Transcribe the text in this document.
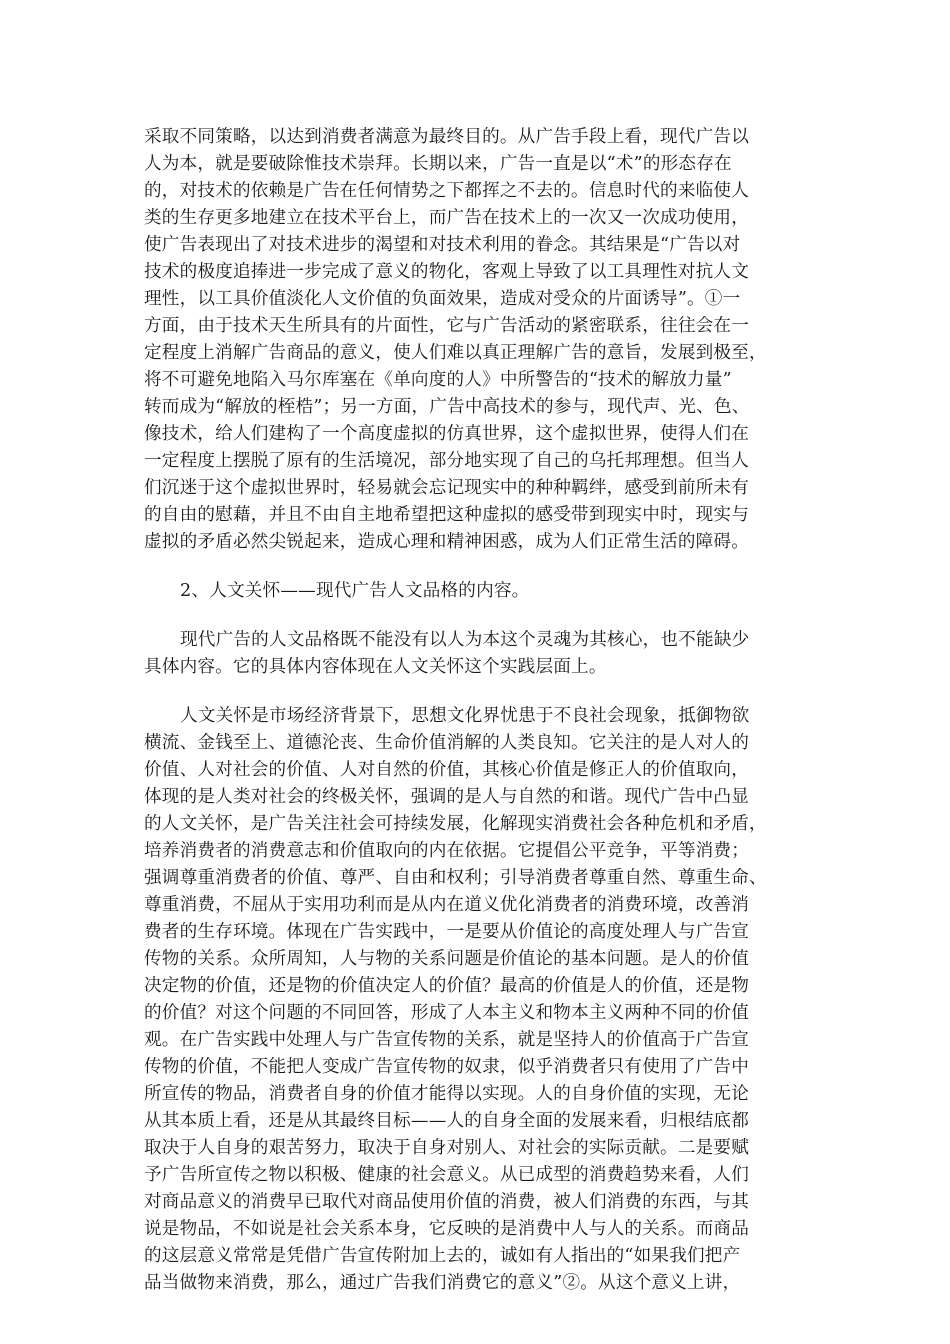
采取不同策略，以达到消费者满意为最终目的。从广告手段上看，现代广告以
人为本，就是要破除惟技术崇拜。长期以来，广告一直是以“术”的形态存在
的，对技术的依赖是广告在任何情势之下都挥之不去的。信息时代的来临使人
类的生存更多地建立在技术平台上，而广告在技术上的一次又一次成功使用，
使广告表现出了对技术进步的渴望和对技术利用的眷念。其结果是“广告以对
技术的极度追捧进一步完成了意义的物化，客观上导致了以工具理性对抗人文
理性，以工具价值淡化人文价值的负面效果，造成对受众的片面诱导”。①一
方面，由于技术天生所具有的片面性，它与广告活动的紧密联系，往往会在一
定程度上消解广告商品的意义，使人们难以真正理解广告的意旨，发展到极至，
将不可避免地陷入马尔库塞在《单向度的人》中所警告的“技术的解放力量”
转而成为“解放的桎梏”；另一方面，广告中高技术的参与，现代声、光、色、
像技术，给人们建构了一个高度虚拟的仿真世界，这个虚拟世界，使得人们在
一定程度上摆脱了原有的生活境况，部分地实现了自己的乌托邦理想。但当人
们沉迷于这个虚拟世界时，轻易就会忘记现实中的种种羁绊，感受到前所未有
的自由的慰藉，并且不由自主地希望把这种虚拟的感受带到现实中时，现实与
虚拟的矛盾必然尖锐起来，造成心理和精神困惑，成为人们正常生活的障碍。
2、人文关怀——现代广告人文品格的内容。
现代广告的人文品格既不能没有以人为本这个灵魂为其核心，也不能缺少
具体内容。它的具体内容体现在人文关怀这个实践层面上。
人文关怀是市场经济背景下，思想文化界忧患于不良社会现象，抵御物欲
横流、金钱至上、道德沦丧、生命价值消解的人类良知。它关注的是人对人的
价值、人对社会的价值、人对自然的价值，其核心价值是修正人的价值取向，
体现的是人类对社会的终极关怀，强调的是人与自然的和谐。现代广告中凸显
的人文关怀，是广告关注社会可持续发展，化解现实消费社会各种危机和矛盾，
培养消费者的消费意志和价值取向的内在依据。它提倡公平竞争，平等消费；
强调尊重消费者的价值、尊严、自由和权利；引导消费者尊重自然、尊重生命、
尊重消费，不屈从于实用功利而是从内在道义优化消费者的消费环境，改善消
费者的生存环境。体现在广告实践中，一是要从价值论的高度处理人与广告宣
传物的关系。众所周知，人与物的关系问题是价值论的基本问题。是人的价值
决定物的价值，还是物的价值决定人的价值？最高的价值是人的价值，还是物
的价值？对这个问题的不同回答，形成了人本主义和物本主义两种不同的价值
观。在广告实践中处理人与广告宣传物的关系，就是坚持人的价值高于广告宣
传物的价值，不能把人变成广告宣传物的奴隶，似乎消费者只有使用了广告中
所宣传的物品，消费者自身的价值才能得以实现。人的自身价值的实现，无论
从其本质上看，还是从其最终目标——人的自身全面的发展来看，归根结底都
取决于人自身的艰苦努力，取决于自身对别人、对社会的实际贡献。二是要赋
予广告所宣传之物以积极、健康的社会意义。从已成型的消费趋势来看，人们
对商品意义的消费早已取代对商品使用价值的消费，被人们消费的东西，与其
说是物品，不如说是社会关系本身，它反映的是消费中人与人的关系。而商品
的这层意义常常是凭借广告宣传附加上去的，诚如有人指出的“如果我们把产
品当做物来消费，那么，通过广告我们消费它的意义”②。从这个意义上讲，
